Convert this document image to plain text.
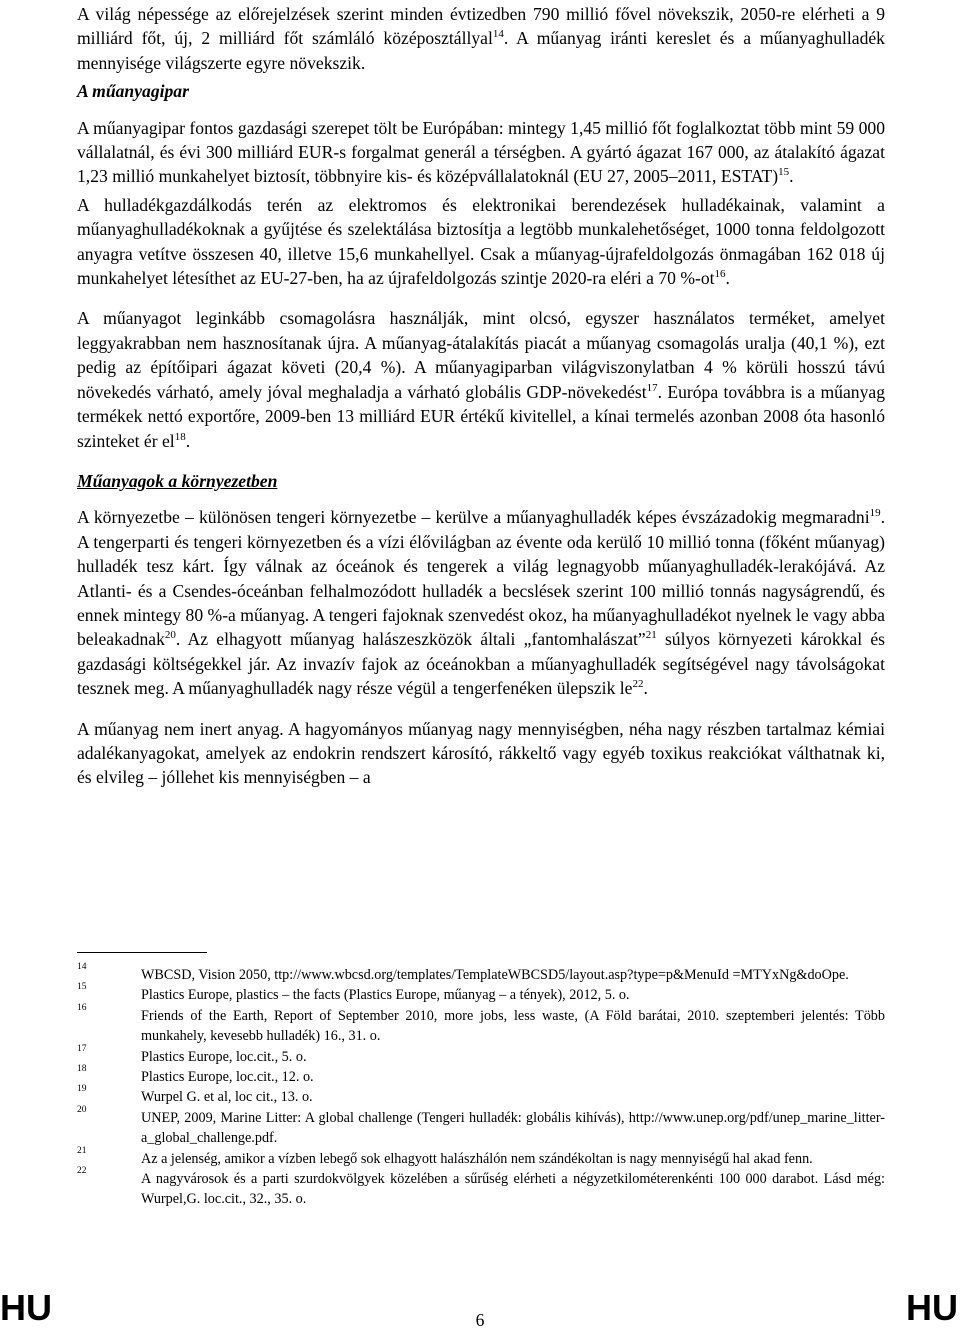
A világ népessége az előrejelzések szerint minden évtizedben 790 millió fővel növekszik, 2050-re elérheti a 9 milliárd főt, új, 2 milliárd főt számláló középosztállyal$^{14}$. A műanyag iránti kereslet és a műanyaghulladék mennyisége világszerte egyre növekszik.

A műanyagipar

A műanyagipar fontos gazdasági szerepet tölt be Európában: mintegy 1,45 millió főt foglalkoztat több mint 59 000 vállalatnál, és évi 300 milliárd EUR-s forgalmat generál a térségben. A gyártó ágazat 167 000, az átalakító ágazat 1,23 millió munkahelyet biztosít, többnyire kis- és középvállalatoknál (EU 27, 2005–2011, ESTAT)$^{15}$.

A hulladékgazdálkodás terén az elektromos és elektronikai berendezések hulladékainak, valamint a műanyaghulladékoknak a gyűjtése és szelektálása biztosítja a legtöbb munkalehetőséget, 1000 tonna feldolgozott anyagra vetítve összesen 40, illetve 15,6 munkahellyel. Csak a műanyag-újrafeldolgozás önmagában 162 018 új munkahelyet létesíthet az EU-27-ben, ha az újrafeldolgozás szintje 2020-ra eléri a 70 $\%-ot^{16}$.

A műanyagot leginkább csomagolásra használják, mint olcsó, egyszer használatos terméket, amelyet leggyakrabban nem hasznosítanak újra. A műanyag-átalakítás piacát a műanyag csomagolás uralja (40,1 %), ezt pedig az építőipari ágazat követi (20,4 %). A műanyagiparban világviszonylatban 4 % körüli hosszú távú növekedés várható, amely jóval meghaladja a várható globális GDP-növekedést$^{17}$. Európa továbbra is a műanyag termékek nettó exportőre, 2009-ben 13 milliárd EUR értékű kivitellel, a kínai termelés azonban 2008 óta hasonló szinteket ér $el^{18}$.

Műanyagok a környezetben

A környezetbe – különösen tengeri környezetbe – kerülve a műanyaghulladék képes évszázadokig megmaradni$^{19}$. A tengerparti és tengeri környezetben és a vízi élővilágban az évente oda kerülő 10 millió tonna (főként műanyag) hulladék tesz kárt. Így válnak az óceánok és tengerek a világ legnagyobb műanyaghulladék-lerakójává. Az Atlanti- és a Csendes-óceánban felhalmozódott hulladék a becslések szerint 100 millió tonnás nagyságrendű, és ennek mintegy 80 %-a műanyag. A tengeri fajoknak szenvedést okoz, ha műanyaghulladékot nyelnek le vagy abba beleakadnak$^{20}$. Az elhagyott műanyag halászeszközök általi „fantomhalászat”$^{21}$ súlyos környezeti károkkal és gazdasági költségekkel jár. Az invazív fajok az óceánokban a műanyaghulladék segítségével nagy távolságokat tesznek meg. A műanyaghulladék nagy része végül a tengerfenéken ülepszik $le^{22}$.

A műanyag nem inert anyag. A hagyományos műanyag nagy mennyiségben, néha nagy részben tartalmaz kémiai adalékanyagokat, amelyek az endokrin rendszert károsító, rákkeltő vagy egyéb toxikus reakciókat válthatnak ki, és elvileg – jóllehet kis mennyiségben – a

14	WBCSD, Vision 2050, ttp://www.wbcsd.org/templates/TemplateWBCSD5/layout.asp?type=p&MenuId =MTYxNg&doOpe.
15	Plastics Europe, plastics – the facts (Plastics Europe, műanyag – a tények), 2012, 5. o.
16	Friends of the Earth, Report of September 2010, more jobs, less waste, (A Föld barátai, 2010. szeptemberi jelentés: Több munkahely, kevesebb hulladék) 16., 31. o.
17	Plastics Europe, loc.cit., 5. o.
18	Plastics Europe, loc.cit., 12. o.
19	Wurpel G. et al, loc cit., 13. o.
20	UNEP, 2009, Marine Litter: A global challenge (Tengeri hulladék: globális kihívás), http://www.unep.org/pdf/unep_marine_litter-a_global_challenge.pdf.
21	Az a jelenség, amikor a vízben lebegő sok elhagyott halászhálón nem szándékoltan is nagy mennyiségű hal akad fenn.
22	A nagyvárosok és a parti szurdokvölgyek közelében a sűrűség elérheti a négyzetkilométerenkénti 100 000 darabot. Lásd még: Wurpel,G. loc.cit., 32., 35. o.
HU	6	HU
